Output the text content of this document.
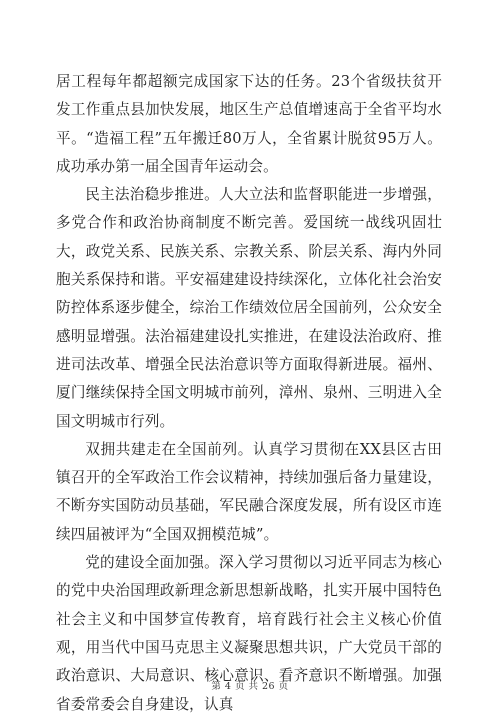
居工程每年都超额完成国家下达的任务。23个省级扶贫开发工作重点县加快发展，地区生产总值增速高于全省平均水平。“造福工程”五年搬迁80万人，全省累计脱贫95万人。成功承办第一届全国青年运动会。

民主法治稳步推进。人大立法和监督职能进一步增强，多党合作和政治协商制度不断完善。爱国统一战线巩固壮大，政党关系、民族关系、宗教关系、阶层关系、海内外同胞关系保持和谐。平安福建建设持续深化，立体化社会治安防控体系逐步健全，综治工作绩效位居全国前列，公众安全感明显增强。法治福建建设扎实推进，在建设法治政府、推进司法改革、增强全民法治意识等方面取得新进展。福州、厦门继续保持全国文明城市前列，漳州、泉州、三明进入全国文明城市行列。

双拥共建走在全国前列。认真学习贯彻在XX县区古田镇召开的全军政治工作会议精神，持续加强后备力量建设，不断夯实国防动员基础，军民融合深度发展，所有设区市连续四届被评为“全国双拥模范城”。

党的建设全面加强。深入学习贯彻以习近平同志为核心的党中央治国理政新理念新思想新战略，扎实开展中国特色社会主义和中国梦宣传教育，培育践行社会主义核心价值观，用当代中国马克思主义凝聚思想共识，广大党员干部的政治意识、大局意识、核心意识、看齐意识不断增强。加强省委常委会自身建设，认真

第 4 页 共 26 页
